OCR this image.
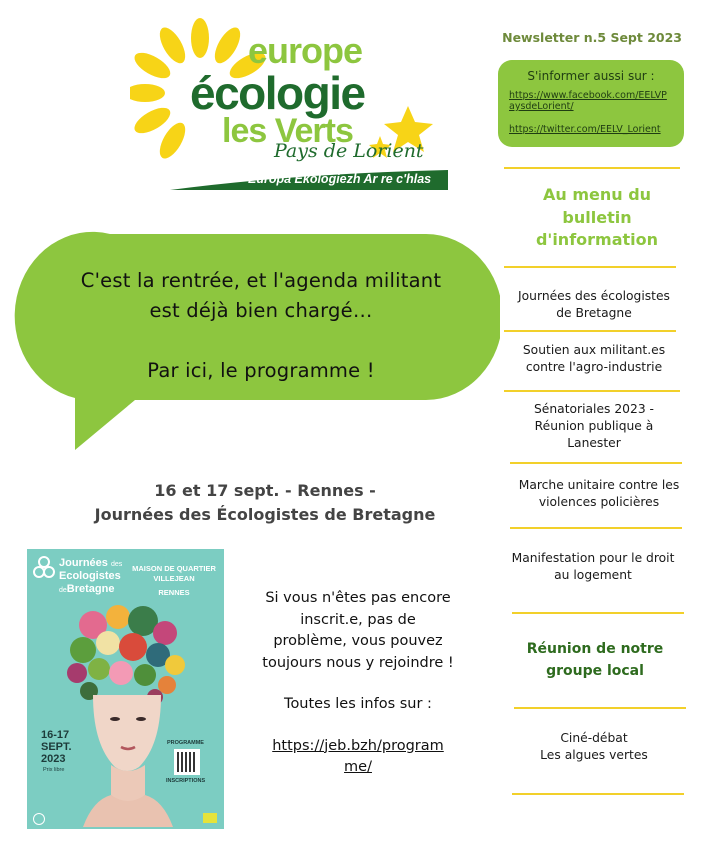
europe
écologie
les Verts
Pays de Lorient
Europa Ekologiezh Ar re c'hlas
Newsletter n.5 Sept 2023
S'informer aussi sur :
https://www.facebook.com/EELVP
aysdeLorient/
https://twitter.com/EELV_Lorient
Au menu du
bulletin
d'information
Journées des écologistes
de Bretagne
Soutien aux militant.es
contre l'agro-industrie
Sénatoriales 2023 -
Réunion publique à
Lanester
Marche unitaire contre les
violences policières
Manifestation pour le droit
au logement
Réunion de notre
groupe local
Ciné-débat
Les algues vertes
C'est la rentrée, et l'agenda militant
est déjà bien chargé…
Par ici, le programme !
16 et 17 sept. - Rennes -
Journées des Écologistes de Bretagne
Journées des
Ecologistes
deBretagne
MAISON DE QUARTIER
VILLEJEAN
RENNES
16-17
SEPT.
2023
Prix libre
PROGRAMME
INSCRIPTIONS
Si vous n'êtes pas encore
inscrit.e, pas de
problème, vous pouvez
toujours nous y rejoindre !
Toutes les infos sur :
https://jeb.bzh/program
me/
